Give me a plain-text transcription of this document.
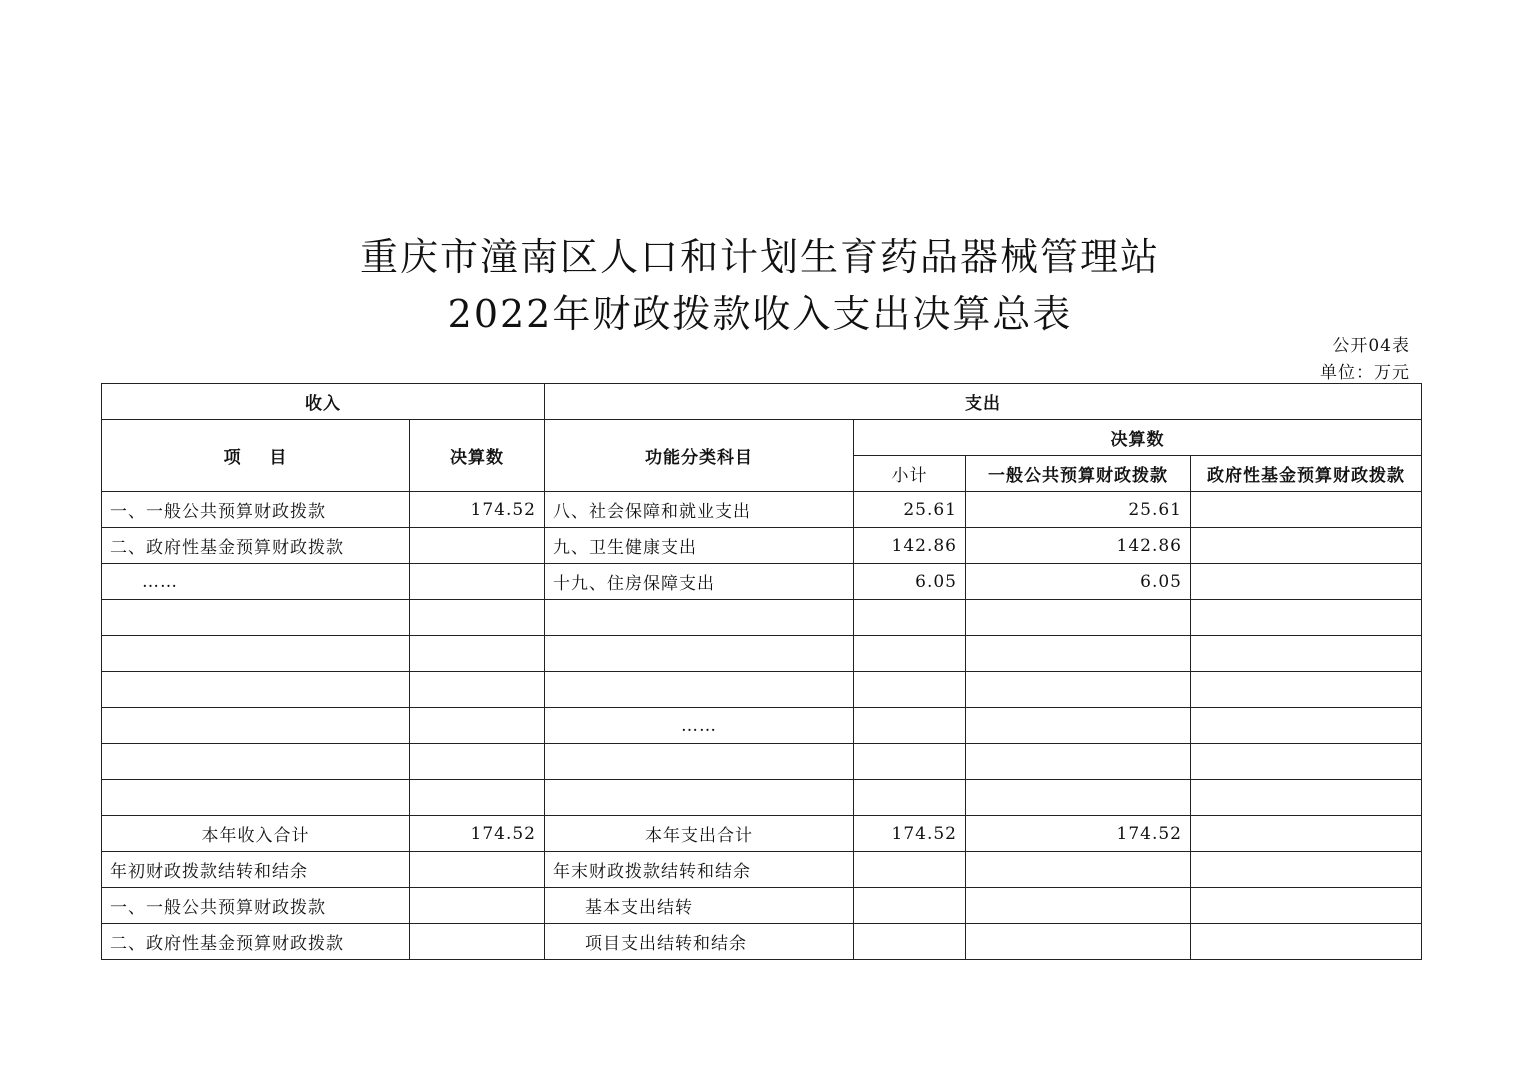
重庆市潼南区人口和计划生育药品器械管理站
2022年财政拨款收入支出决算总表
公开04表
单位：万元
收入		支出			
项    目	决算数	功能分类科目	决算数		
			小计	一般公共预算财政拨款	政府性基金预算财政拨款
一、一般公共预算财政拨款	174.52	八、社会保障和就业支出	25.61	25.61	
二、政府性基金预算财政拨款		九、卫生健康支出	142.86	142.86	
……		十九、住房保障支出	6.05	6.05	

		……			

本年收入合计	174.52	本年支出合计	174.52	174.52	
年初财政拨款结转和结余		年末财政拨款结转和结余			
一、一般公共预算财政拨款		基本支出结转			
二、政府性基金预算财政拨款		项目支出结转和结余			
